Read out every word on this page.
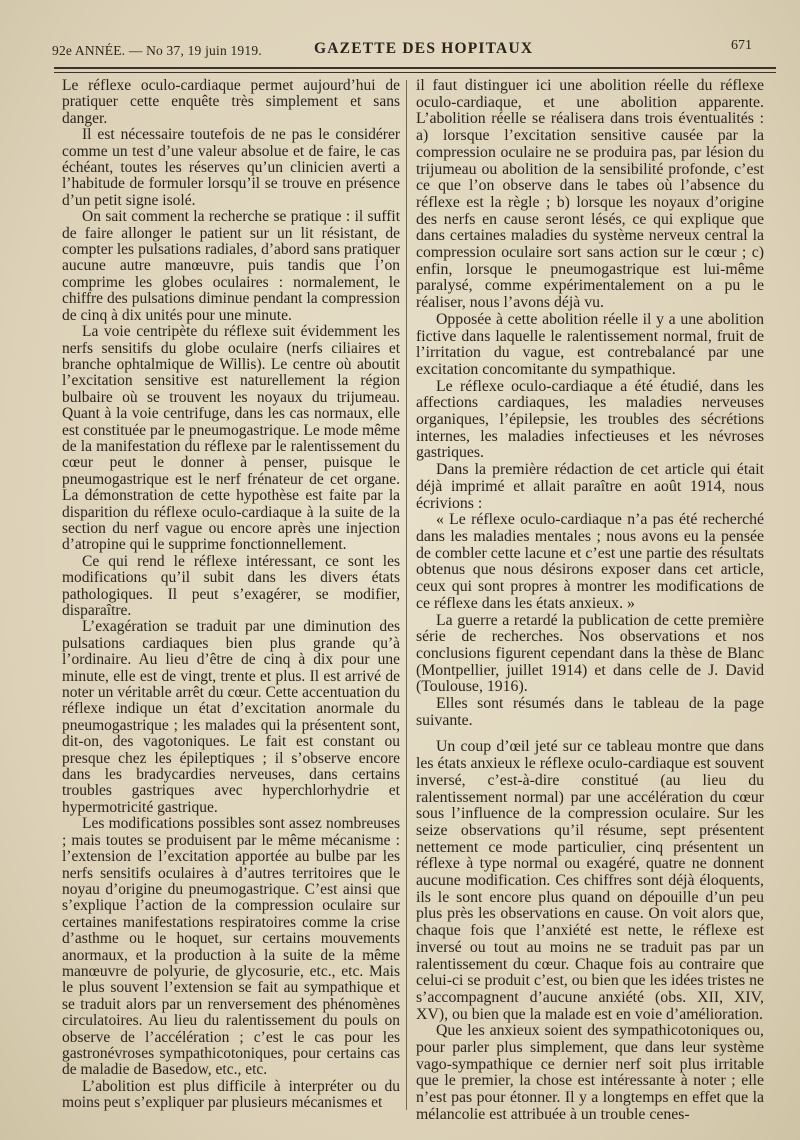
92e ANNÉE. — No 37, 19 juin 1919.	GAZETTE DES HOPITAUX	671

Le réflexe oculo-cardiaque permet aujourd’hui de pratiquer cette enquête très simplement et sans danger.

Il est nécessaire toutefois de ne pas le considérer comme un test d’une valeur absolue et de faire, le cas échéant, toutes les réserves qu’un clinicien averti a l’habitude de formuler lorsqu’il se trouve en présence d’un petit signe isolé.

On sait comment la recherche se pratique : il suffit de faire allonger le patient sur un lit résistant, de compter les pulsations radiales, d’abord sans pratiquer aucune autre manœuvre, puis tandis que l’on comprime les globes oculaires : normalement, le chiffre des pulsations diminue pendant la compression de cinq à dix unités pour une minute.

La voie centripète du réflexe suit évidemment les nerfs sensitifs du globe oculaire (nerfs ciliaires et branche ophtalmique de Willis). Le centre où aboutit l’excitation sensitive est naturellement la région bulbaire où se trouvent les noyaux du trijumeau. Quant à la voie centrifuge, dans les cas normaux, elle est constituée par le pneumogastrique. Le mode même de la manifestation du réflexe par le ralentissement du cœur peut le donner à penser, puisque le pneumogastrique est le nerf frénateur de cet organe. La démonstration de cette hypothèse est faite par la disparition du réflexe oculo-cardiaque à la suite de la section du nerf vague ou encore après une injection d’atropine qui le supprime fonctionnellement.

Ce qui rend le réflexe intéressant, ce sont les modifications qu’il subit dans les divers états pathologiques. Il peut s’exagérer, se modifier, disparaître.

L’exagération se traduit par une diminution des pulsations cardiaques bien plus grande qu’à l’ordinaire. Au lieu d’être de cinq à dix pour une minute, elle est de vingt, trente et plus. Il est arrivé de noter un véritable arrêt du cœur. Cette accentuation du réflexe indique un état d’excitation anormale du pneumogastrique ; les malades qui la présentent sont, dit-on, des vagotoniques. Le fait est constant ou presque chez les épileptiques ; il s’observe encore dans les bradycardies nerveuses, dans certains troubles gastriques avec hyperchlorhydrie et hypermotricité gastrique.

Les modifications possibles sont assez nombreuses ; mais toutes se produisent par le même mécanisme : l’extension de l’excitation apportée au bulbe par les nerfs sensitifs oculaires à d’autres territoires que le noyau d’origine du pneumogastrique. C’est ainsi que s’explique l’action de la compression oculaire sur certaines manifestations respiratoires comme la crise d’asthme ou le hoquet, sur certains mouvements anormaux, et la production à la suite de la même manœuvre de polyurie, de glycosurie, etc., etc. Mais le plus souvent l’extension se fait au sympathique et se traduit alors par un renversement des phénomènes circulatoires. Au lieu du ralentissement du pouls on observe de l’accélération ; c’est le cas pour les gastronévroses sympathicotoniques, pour certains cas de maladie de Basedow, etc., etc.

L’abolition est plus difficile à interpréter ou du moins peut s’expliquer par plusieurs mécanismes et

il faut distinguer ici une abolition réelle du réflexe oculo-cardiaque, et une abolition apparente. L’abolition réelle se réalisera dans trois éventualités : a) lorsque l’excitation sensitive causée par la compression oculaire ne se produira pas, par lésion du trijumeau ou abolition de la sensibilité profonde, c’est ce que l’on observe dans le tabes où l’absence du réflexe est la règle ; b) lorsque les noyaux d’origine des nerfs en cause seront lésés, ce qui explique que dans certaines maladies du système nerveux central la compression oculaire sort sans action sur le cœur ; c) enfin, lorsque le pneumogastrique est lui-même paralysé, comme expérimentalement on a pu le réaliser, nous l’avons déjà vu.

Opposée à cette abolition réelle il y a une abolition fictive dans laquelle le ralentissement normal, fruit de l’irritation du vague, est contrebalancé par une excitation concomitante du sympathique.

Le réflexe oculo-cardiaque a été étudié, dans les affections cardiaques, les maladies nerveuses organiques, l’épilepsie, les troubles des sécrétions internes, les maladies infectieuses et les névroses gastriques.

Dans la première rédaction de cet article qui était déjà imprimé et allait paraître en août 1914, nous écrivions :

« Le réflexe oculo-cardiaque n’a pas été recherché dans les maladies mentales ; nous avons eu la pensée de combler cette lacune et c’est une partie des résultats obtenus que nous désirons exposer dans cet article, ceux qui sont propres à montrer les modifications de ce réflexe dans les états anxieux. »

La guerre a retardé la publication de cette première série de recherches. Nos observations et nos conclusions figurent cependant dans la thèse de Blanc (Montpellier, juillet 1914) et dans celle de J. David (Toulouse, 1916).

Elles sont résumés dans le tableau de la page suivante.

Un coup d’œil jeté sur ce tableau montre que dans les états anxieux le réflexe oculo-cardiaque est souvent inversé, c’est-à-dire constitué (au lieu du ralentissement normal) par une accélération du cœur sous l’influence de la compression oculaire. Sur les seize observations qu’il résume, sept présentent nettement ce mode particulier, cinq présentent un réflexe à type normal ou exagéré, quatre ne donnent aucune modification. Ces chiffres sont déjà éloquents, ils le sont encore plus quand on dépouille d’un peu plus près les observations en cause. On voit alors que, chaque fois que l’anxiété est nette, le réflexe est inversé ou tout au moins ne se traduit pas par un ralentissement du cœur. Chaque fois au contraire que celui-ci se produit c’est, ou bien que les idées tristes ne s’accompagnent d’aucune anxiété (obs. XII, XIV, XV), ou bien que la malade est en voie d’amélioration.

Que les anxieux soient des sympathicotoniques ou, pour parler plus simplement, que dans leur système vago-sympathique ce dernier nerf soit plus irritable que le premier, la chose est intéressante à noter ; elle n’est pas pour étonner. Il y a longtemps en effet que la mélancolie est attribuée à un trouble cenes-
